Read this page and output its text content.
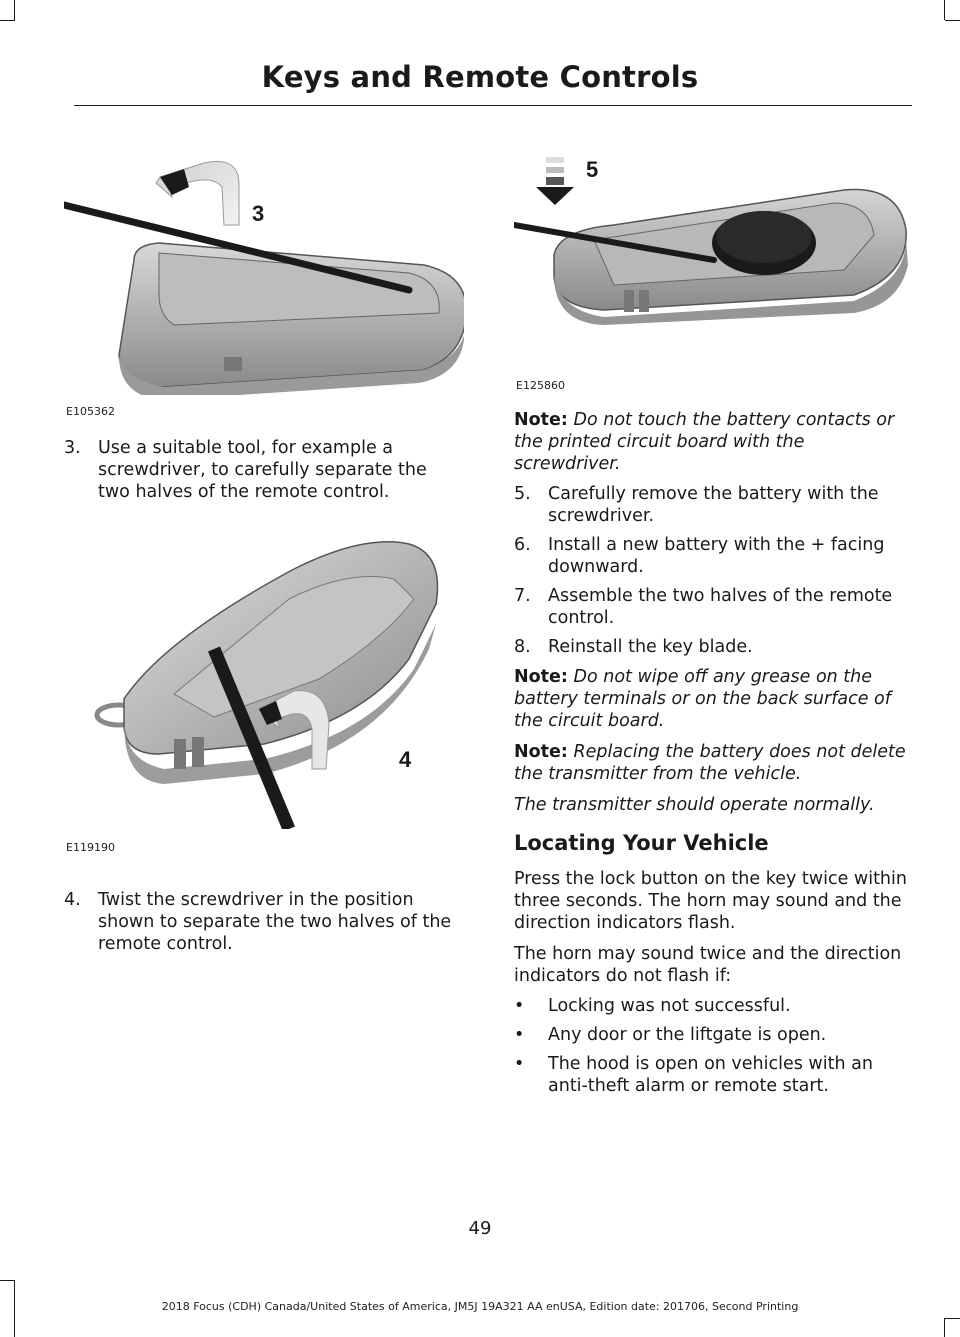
Keys and Remote Controls
3
E105362
3. Use a suitable tool, for example a screwdriver, to carefully separate the two halves of the remote control.
4
E119190
4. Twist the screwdriver in the position shown to separate the two halves of the remote control.
5
E125860

Note: Do not touch the battery contacts or the printed circuit board with the screwdriver.

5. Carefully remove the battery with the screwdriver.
6. Install a new battery with the + facing downward.
7. Assemble the two halves of the remote control.
8. Reinstall the key blade.

Note: Do not wipe off any grease on the battery terminals or on the back surface of the circuit board.

Note: Replacing the battery does not delete the transmitter from the vehicle.

The transmitter should operate normally.

Locating Your Vehicle

Press the lock button on the key twice within three seconds. The horn may sound and the direction indicators flash.

The horn may sound twice and the direction indicators do not flash if:

• Locking was not successful.
• Any door or the liftgate is open.
• The hood is open on vehicles with an anti-theft alarm or remote start.
49
2018 Focus (CDH) Canada/United States of America, JM5J 19A321 AA enUSA, Edition date: 201706, Second Printing
